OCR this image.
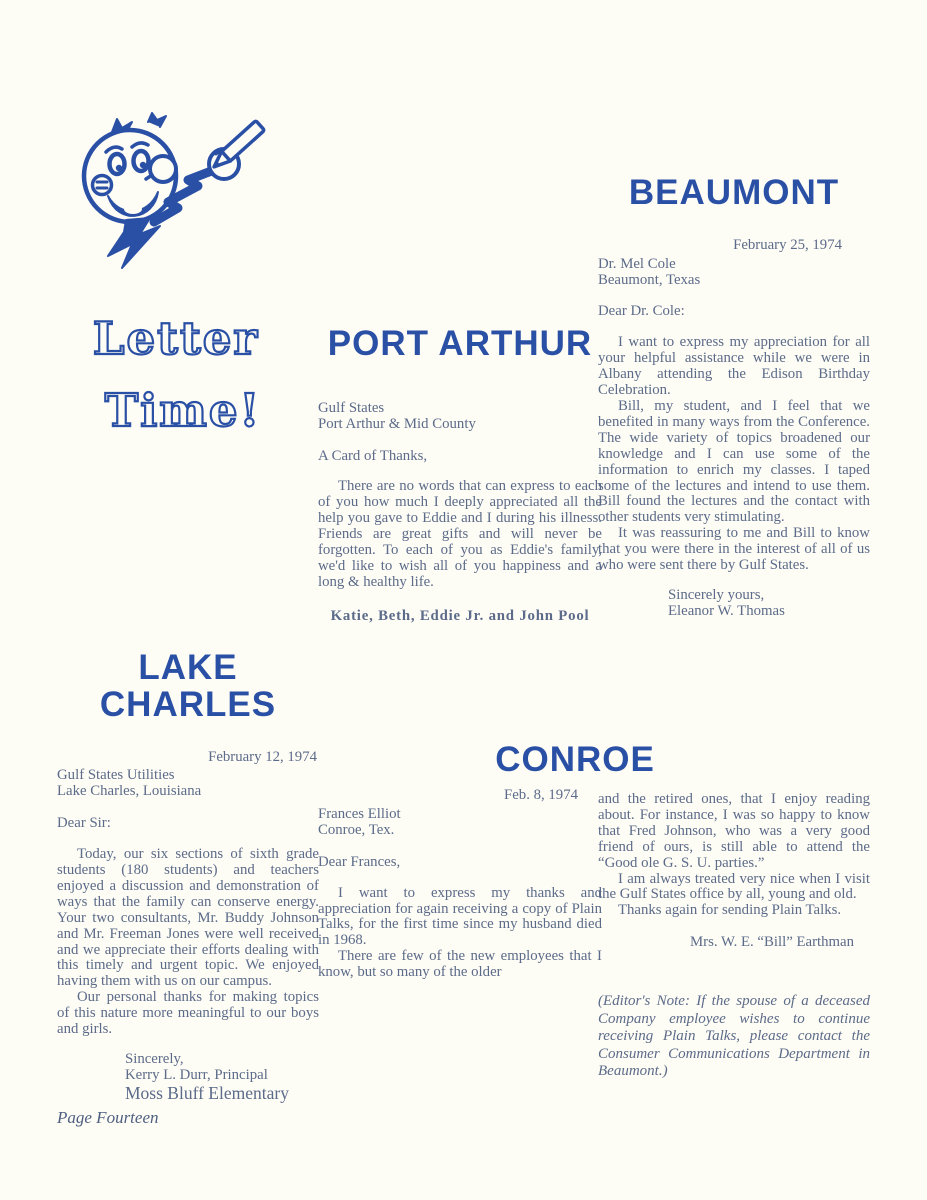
Letter
Time!
BEAUMONT
February 25, 1974
Dr. Mel Cole
Beaumont, Texas
Dear Dr. Cole:

I want to express my appreciation for all your helpful assistance while we were in Albany attending the Edison Birthday Celebration.

Bill, my student, and I feel that we benefited in many ways from the Conference. The wide variety of topics broadened our knowledge and I can use some of the information to enrich my classes. I taped some of the lectures and intend to use them. Bill found the lectures and the contact with other students very stimulating.

It was reassuring to me and Bill to know that you were there in the interest of all of us who were sent there by Gulf States.

Sincerely yours,

Eleanor W. Thomas

PORT ARTHUR
Gulf States
Port Arthur & Mid County
A Card of Thanks,

There are no words that can express to each of you how much I deeply appreciated all the help you gave to Eddie and I during his illness. Friends are great gifts and will never be forgotten. To each of you as Eddie's family, we'd like to wish all of you happiness and a long & healthy life.

Katie, Beth, Eddie Jr. and John Pool
LAKE CHARLES
February 12, 1974
Gulf States Utilities
Lake Charles, Louisiana
Dear Sir:

Today, our six sections of sixth grade students (180 students) and teachers enjoyed a discussion and demonstration of ways that the family can conserve energy. Your two consultants, Mr. Buddy Johnson and Mr. Freeman Jones were well received and we appreciate their efforts dealing with this timely and urgent topic. We enjoyed having them with us on our campus.

Our personal thanks for making topics of this nature more meaningful to our boys and girls.

Sincerely,

Kerry L. Durr, Principal

Moss Bluff Elementary

CONROE
Feb. 8, 1974
Frances Elliot
Conroe, Tex.
Dear Frances,

I want to express my thanks and appreciation for again receiving a copy of Plain Talks, for the first time since my husband died in 1968.

There are few of the new employees that I know, but so many of the older

and the retired ones, that I enjoy reading about. For instance, I was so happy to know that Fred Johnson, who was a very good friend of ours, is still able to attend the “Good ole G. S. U. parties.”

I am always treated very nice when I visit the Gulf States office by all, young and old.

Thanks again for sending Plain Talks.

Mrs. W. E. “Bill” Earthman

(Editor's Note: If the spouse of a deceased Company employee wishes to continue receiving Plain Talks, please contact the Consumer Communications Department in Beaumont.)

Page Fourteen
